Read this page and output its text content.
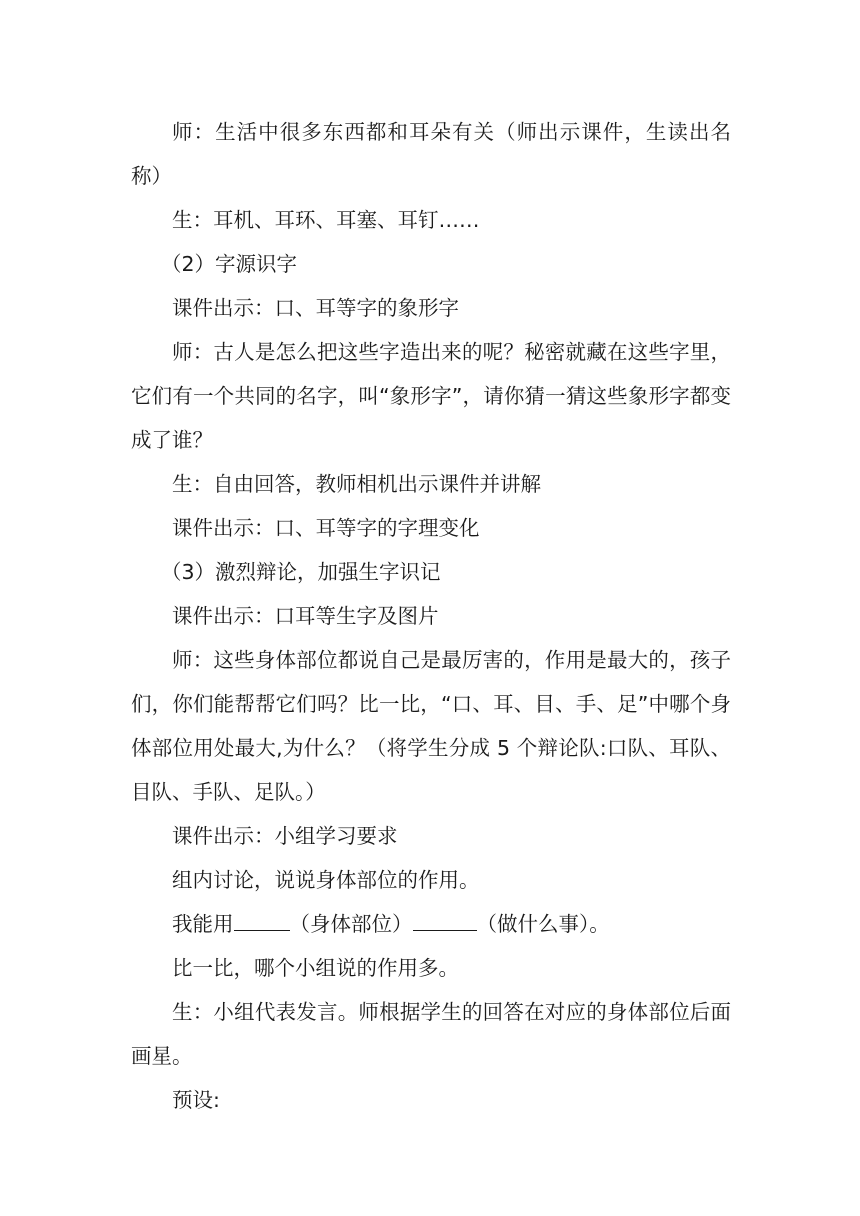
师：生活中很多东西都和耳朵有关（师出示课件，生读出名称）

生：耳机、耳环、耳塞、耳钉……

（2）字源识字

课件出示：口、耳等字的象形字

师：古人是怎么把这些字造出来的呢？秘密就藏在这些字里，它们有一个共同的名字，叫“象形字”，请你猜一猜这些象形字都变成了谁？

生：自由回答，教师相机出示课件并讲解

课件出示：口、耳等字的字理变化

（3）激烈辩论，加强生字识记

课件出示：口耳等生字及图片

师：这些身体部位都说自己是最厉害的，作用是最大的，孩子们，你们能帮帮它们吗？比一比，“口、耳、目、手、足”中哪个身体部位用处最大,为什么？（将学生分成 5 个辩论队:口队、耳队、目队、手队、足队。）

课件出示：小组学习要求

组内讨论，说说身体部位的作用。

我能用	（身体部位）	（做什么事）。

比一比，哪个小组说的作用多。

生：小组代表发言。师根据学生的回答在对应的身体部位后面画星。

预设:
